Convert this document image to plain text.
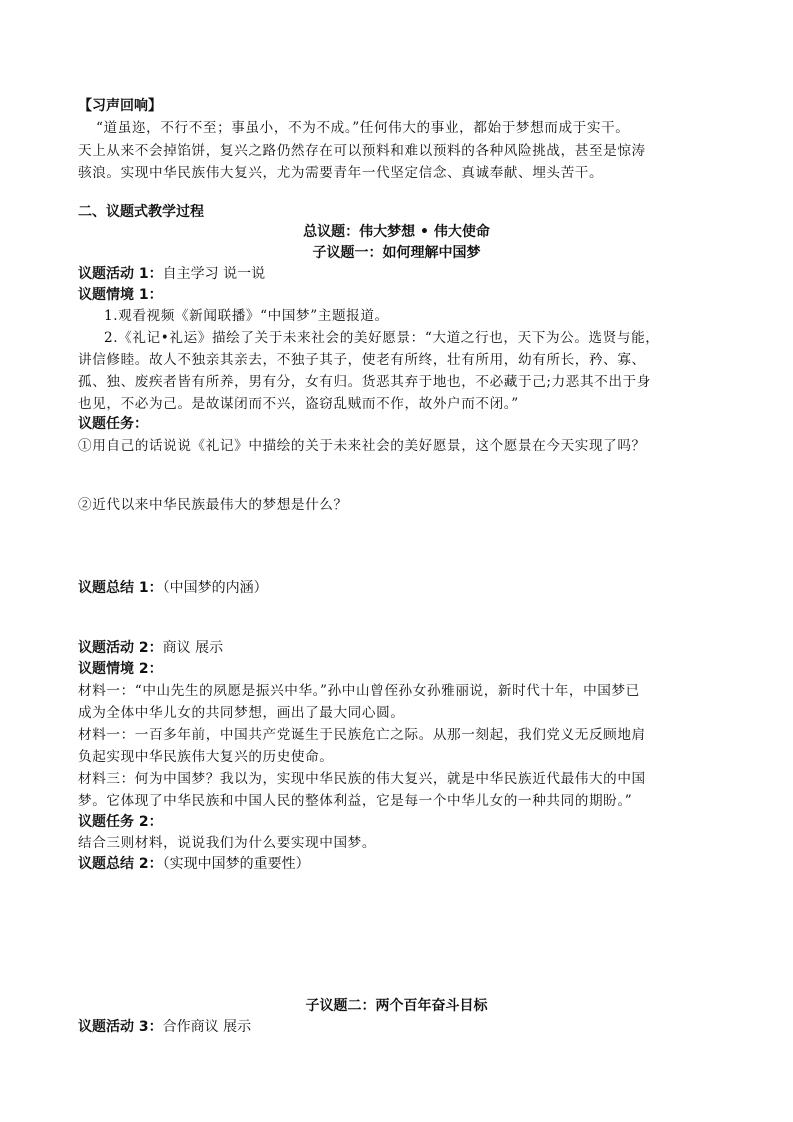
【习声回响】
“道虽迩，不行不至；事虽小，不为不成。”任何伟大的事业，都始于梦想而成于实干。
天上从来不会掉馅饼，复兴之路仍然存在可以预料和难以预料的各种风险挑战，甚至是惊涛
骇浪。实现中华民族伟大复兴，尤为需要青年一代坚定信念、真诚奉献、埋头苦干。
二、议题式教学过程
总议题：伟大梦想 • 伟大使命
子议题一：如何理解中国梦
议题活动 1：自主学习 说一说
议题情境 1：
1.观看视频《新闻联播》“中国梦”主题报道。
2.《礼记•礼运》描绘了关于未来社会的美好愿景：“大道之行也，天下为公。选贤与能，
讲信修睦。故人不独亲其亲去，不独子其子，使老有所终，壮有所用，幼有所长，矜、寡、
孤、独、废疾者皆有所养，男有分，女有归。货恶其弃于地也，不必藏于己;力恶其不出于身
也见，不必为己。是故谋闭而不兴，盗窃乱贼而不作，故外户而不闭。”
议题任务：
①用自己的话说说《礼记》中描绘的关于未来社会的美好愿景，这个愿景在今天实现了吗？
②近代以来中华民族最伟大的梦想是什么？
议题总结 1：（中国梦的内涵）
议题活动 2：商议 展示
议题情境 2：
材料一：“中山先生的夙愿是振兴中华。”孙中山曾侄孙女孙雅丽说，新时代十年，中国梦已
成为全体中华儿女的共同梦想，画出了最大同心圆。
材料一：一百多年前，中国共产党诞生于民族危亡之际。从那一刻起，我们党义无反顾地肩
负起实现中华民族伟大复兴的历史使命。
材料三：何为中国梦？我以为，实现中华民族的伟大复兴，就是中华民族近代最伟大的中国
梦。它体现了中华民族和中国人民的整体利益，它是每一个中华儿女的一种共同的期盼。”
议题任务 2：
结合三则材料，说说我们为什么要实现中国梦。
议题总结 2：（实现中国梦的重要性）
子议题二：两个百年奋斗目标
议题活动 3：合作商议 展示
